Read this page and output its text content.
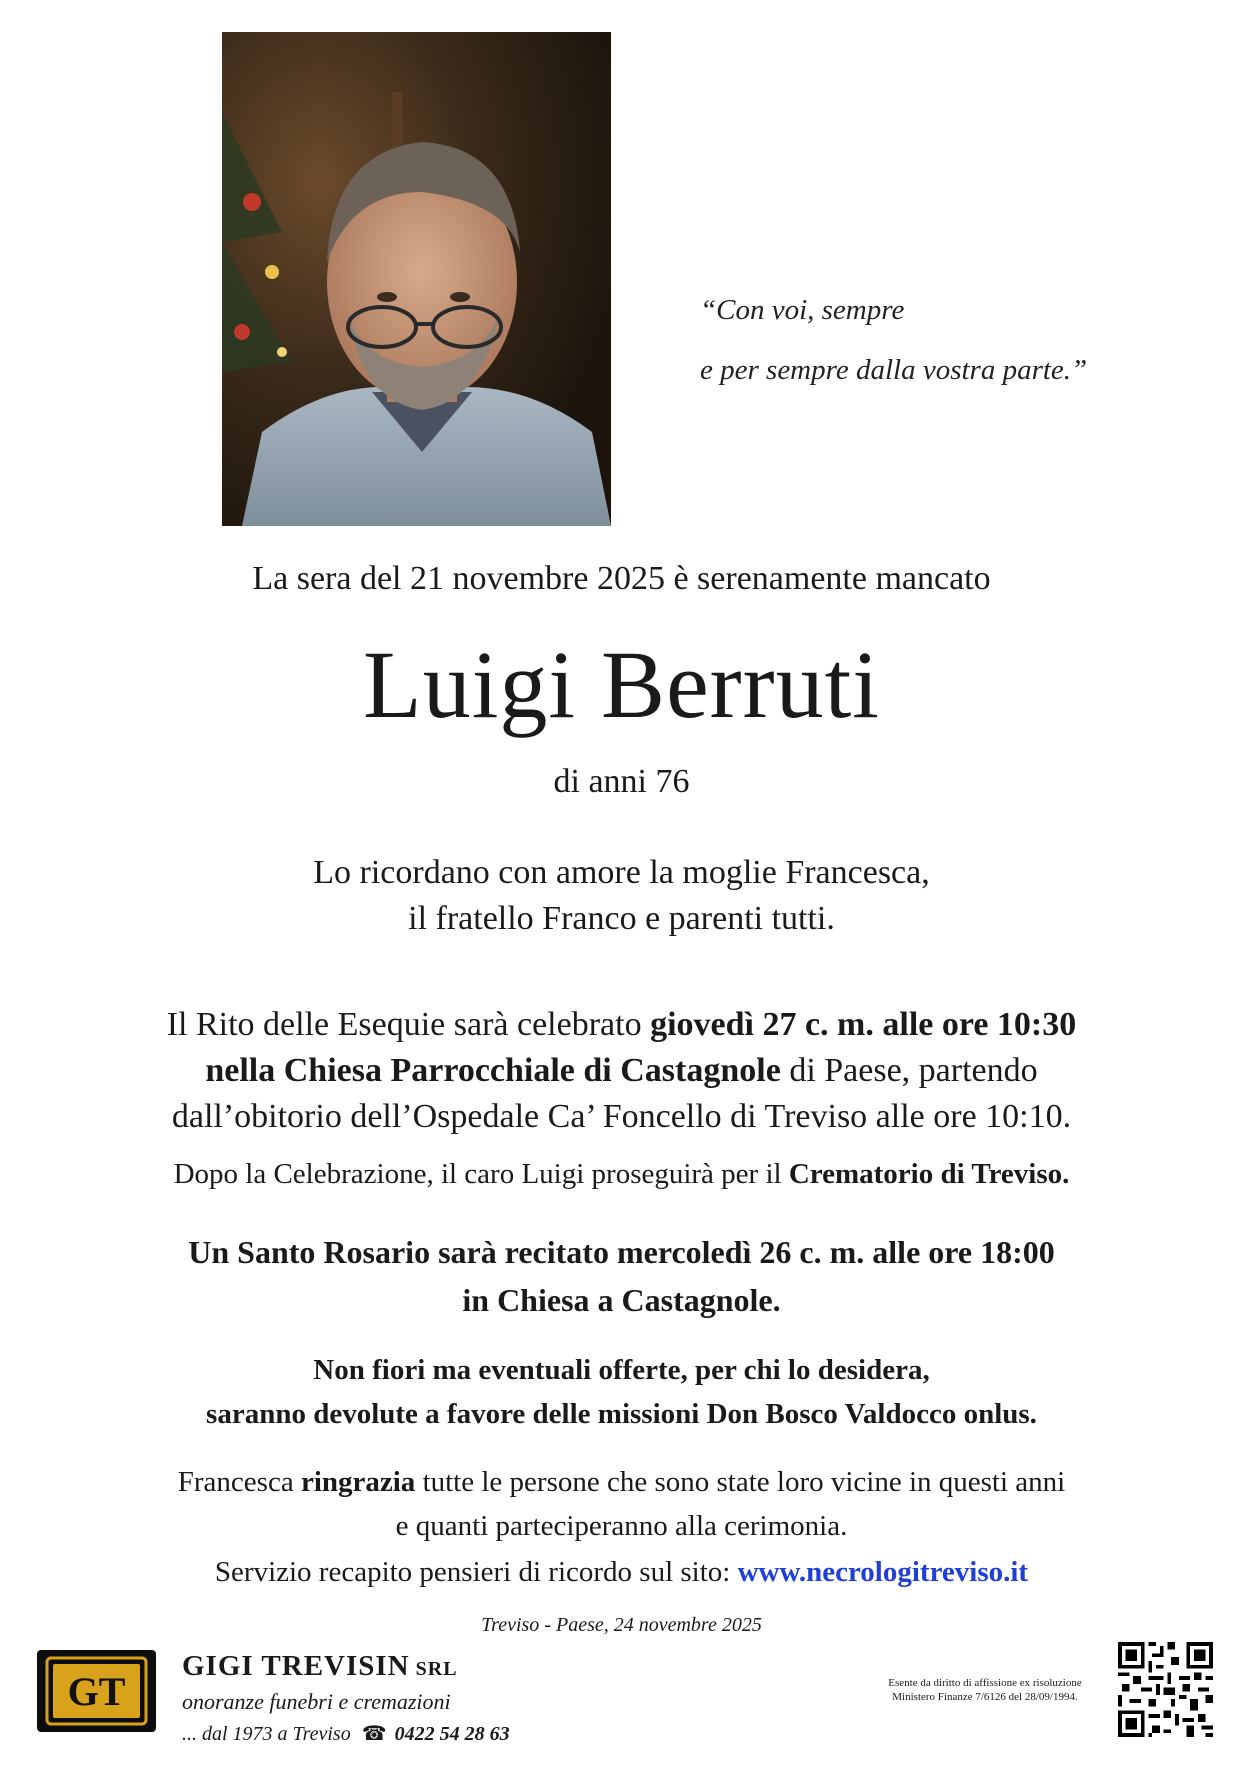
“Con voi, sempre
e per sempre dalla vostra parte.”
La sera del 21 novembre 2025 è serenamente mancato
Luigi Berruti
di anni 76
Lo ricordano con amore la moglie Francesca,
il fratello Franco e parenti tutti.
Il Rito delle Esequie sarà celebrato giovedì 27 c. m. alle ore 10:30
nella Chiesa Parrocchiale di Castagnole di Paese, partendo
dall’obitorio dell’Ospedale Ca’ Foncello di Treviso alle ore 10:10.
Dopo la Celebrazione, il caro Luigi proseguirà per il Crematorio di Treviso.
Un Santo Rosario sarà recitato mercoledì 26 c. m. alle ore 18:00
in Chiesa a Castagnole.
Non fiori ma eventuali offerte, per chi lo desidera,
saranno devolute a favore delle missioni Don Bosco Valdocco onlus.
Francesca ringrazia tutte le persone che sono state loro vicine in questi anni
e quanti parteciperanno alla cerimonia.
Servizio recapito pensieri di ricordo sul sito: www.necrologitreviso.it
Treviso - Paese, 24 novembre 2025
GT
GIGI TREVISIN SRL
onoranze funebri e cremazioni
... dal 1973 a Treviso ☎ 0422 54 28 63
Esente da diritto di affissione ex risoluzione
Ministero Finanze 7/6126 del 28/09/1994.
